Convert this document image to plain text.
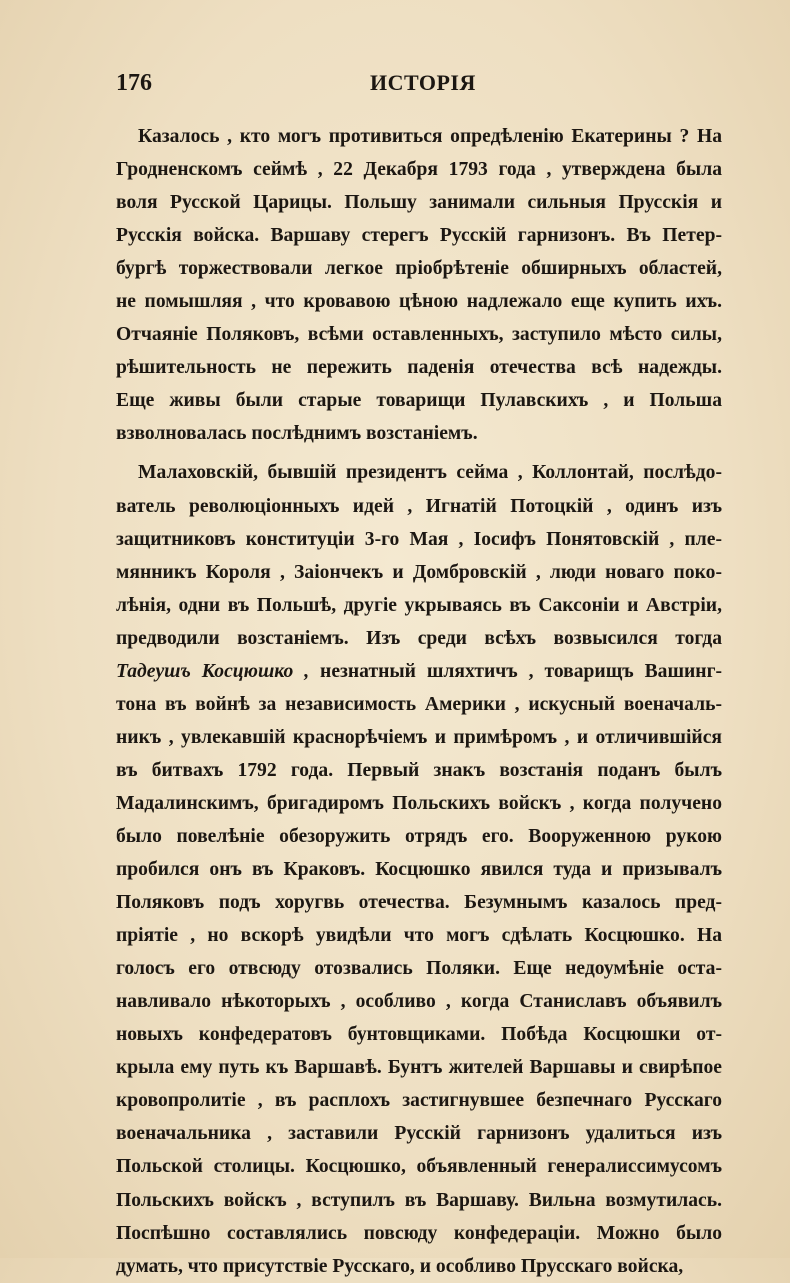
176	ИСТОРІЯ
Казалось , кто могъ противиться опредѣленію Екатерины ? На
Гродненскомъ сеймѣ , 22 Декабря 1793 года , утверждена была
воля Русской Царицы. Польшу занимали сильныя Прусскія и
Русскія войска. Варшаву стерегъ Русскій гарнизонъ. Въ Петер-
бургѣ торжествовали легкое пріобрѣтеніе обширныхъ областей,
не помышляя , что кровавою цѣною надлежало еще купить ихъ.
Отчаяніе Поляковъ, всѣми оставленныхъ, заступило мѣсто силы,
рѣшительность не пережить паденія отечества всѣ надежды.
Еще живы были старые товарищи Пулавскихъ , и Польша
взволновалась послѣднимъ возстаніемъ.
Малаховскій, бывшій президентъ сейма , Коллонтай, послѣдо-
ватель революціонныхъ идей , Игнатій Потоцкій , одинъ изъ
защитниковъ конституціи 3-го Мая , Іосифъ Понятовскій , пле-
мянникъ Короля , Заіончекъ и Домбровскій , люди новаго поко-
лѣнія, одни въ Польшѣ, другіе укрываясь въ Саксоніи и Австріи,
предводили возстаніемъ. Изъ среди всѣхъ возвысился тогда
Тадеушъ Косцюшко , незнатный шляхтичъ , товарищъ Вашинг-
тона въ войнѣ за независимость Америки , искусный военачаль-
никъ , увлекавшій краснорѣчіемъ и примѣромъ , и отличившійся
въ битвахъ 1792 года. Первый знакъ возстанія поданъ былъ
Мадалинскимъ, бригадиромъ Польскихъ войскъ , когда получено
было повелѣніе обезоружить отрядъ его. Вооруженною рукою
пробился онъ въ Краковъ. Косцюшко явился туда и призывалъ
Поляковъ подъ хоругвь отечества. Безумнымъ казалось пред-
пріятіе , но вскорѣ увидѣли что могъ сдѣлать Косцюшко. На
голосъ его отвсюду отозвались Поляки. Еще недоумѣніе оста-
навливало нѣкоторыхъ , особливо , когда Станиславъ объявилъ
новыхъ конфедератовъ бунтовщиками. Побѣда Косцюшки от-
крыла ему путь къ Варшавѣ. Бунтъ жителей Варшавы и свирѣпое
кровопролитіе , въ расплохъ застигнувшее безпечнаго Русскаго
военачальника , заставили Русскій гарнизонъ удалиться изъ
Польской столицы. Косцюшко, объявленный генералиссимусомъ
Польскихъ войскъ , вступилъ въ Варшаву. Вильна возмутилась.
Поспѣшно составлялись повсюду конфедераціи. Можно было
думать, что присутствіе Русскаго, и особливо Прусскаго войска,
